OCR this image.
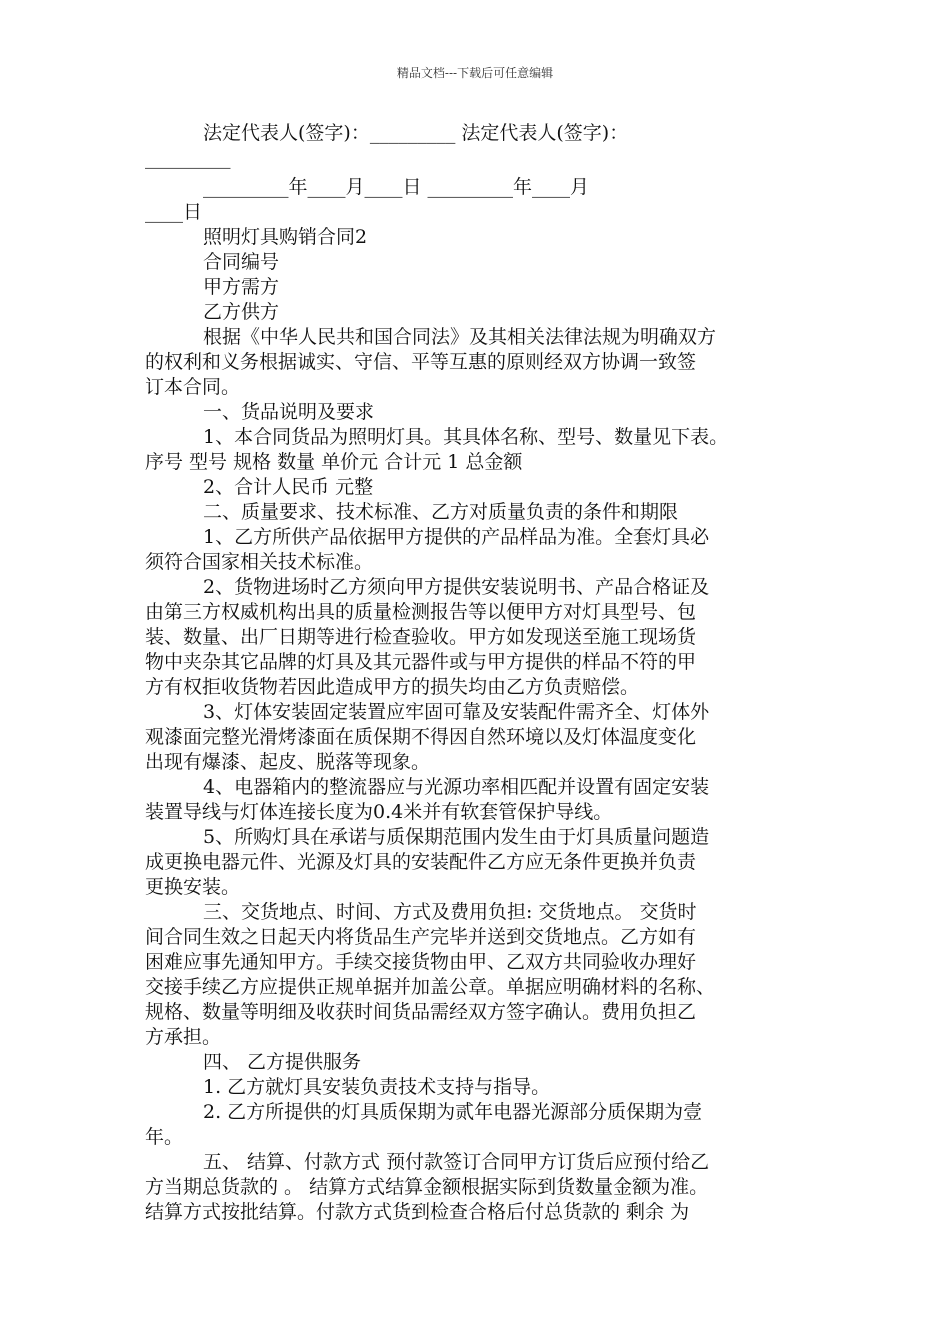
精品文档---下载后可任意编辑
法定代表人(签字)：_________ 法定代表人(签字)：
_________
_________年____月____日 _________年____月
____日
照明灯具购销合同2
合同编号
甲方需方
乙方供方
根据《中华人民共和国合同法》及其相关法律法规为明确双方
的权利和义务根据诚实、守信、平等互惠的原则经双方协调一致签
订本合同。
一、货品说明及要求
1、本合同货品为照明灯具。其具体名称、型号、数量见下表。
序号 型号 规格 数量 单价元 合计元 1 总金额
2、合计人民币 元整
二、质量要求、技术标准、乙方对质量负责的条件和期限
1、乙方所供产品依据甲方提供的产品样品为准。全套灯具必
须符合国家相关技术标准。
2、货物进场时乙方须向甲方提供安装说明书、产品合格证及
由第三方权威机构出具的质量检测报告等以便甲方对灯具型号、包
装、数量、出厂日期等进行检查验收。甲方如发现送至施工现场货
物中夹杂其它品牌的灯具及其元器件或与甲方提供的样品不符的甲
方有权拒收货物若因此造成甲方的损失均由乙方负责赔偿。
3、灯体安装固定装置应牢固可靠及安装配件需齐全、灯体外
观漆面完整光滑烤漆面在质保期不得因自然环境以及灯体温度变化
出现有爆漆、起皮、脱落等现象。
4、电器箱内的整流器应与光源功率相匹配并设置有固定安装
装置导线与灯体连接长度为0.4米并有软套管保护导线。
5、所购灯具在承诺与质保期范围内发生由于灯具质量问题造
成更换电器元件、光源及灯具的安装配件乙方应无条件更换并负责
更换安装。
三、交货地点、时间、方式及费用负担: 交货地点。 交货时
间合同生效之日起天内将货品生产完毕并送到交货地点。乙方如有
困难应事先通知甲方。手续交接货物由甲、乙双方共同验收办理好
交接手续乙方应提供正规单据并加盖公章。单据应明确材料的名称、
规格、数量等明细及收获时间货品需经双方签字确认。费用负担乙
方承担。
四、 乙方提供服务
1. 乙方就灯具安装负责技术支持与指导。
2. 乙方所提供的灯具质保期为贰年电器光源部分质保期为壹
年。
五、 结算、付款方式 预付款签订合同甲方订货后应预付给乙
方当期总货款的 。 结算方式结算金额根据实际到货数量金额为准。
结算方式按批结算。付款方式货到检查合格后付总货款的 剩余 为
